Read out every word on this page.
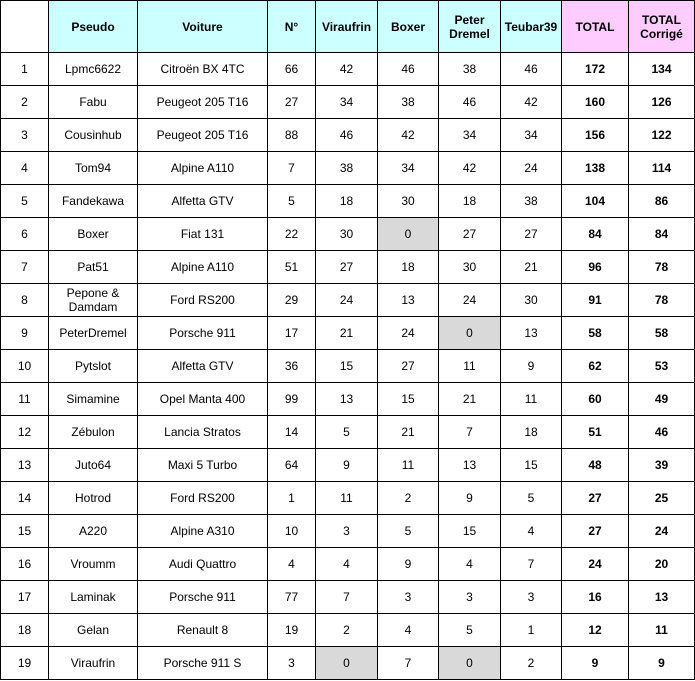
	Pseudo	Voiture	N°	Viraufrin	Boxer	Peter Dremel	Teubar39	TOTAL	TOTAL Corrigé
1	Lpmc6622	Citroën BX 4TC	66	42	46	38	46	172	134
2	Fabu	Peugeot 205 T16	27	34	38	46	42	160	126
3	Cousinhub	Peugeot 205 T16	88	46	42	34	34	156	122
4	Tom94	Alpine A110	7	38	34	42	24	138	114
5	Fandekawa	Alfetta GTV	5	18	30	18	38	104	86
6	Boxer	Fiat 131	22	30	0	27	27	84	84
7	Pat51	Alpine A110	51	27	18	30	21	96	78
8	Pepone & Damdam	Ford RS200	29	24	13	24	30	91	78
9	PeterDremel	Porsche 911	17	21	24	0	13	58	58
10	Pytslot	Alfetta GTV	36	15	27	11	9	62	53
11	Simamine	Opel Manta 400	99	13	15	21	11	60	49
12	Zébulon	Lancia Stratos	14	5	21	7	18	51	46
13	Juto64	Maxi 5 Turbo	64	9	11	13	15	48	39
14	Hotrod	Ford RS200	1	11	2	9	5	27	25
15	A220	Alpine A310	10	3	5	15	4	27	24
16	Vroumm	Audi Quattro	4	4	9	4	7	24	20
17	Laminak	Porsche 911	77	7	3	3	3	16	13
18	Gelan	Renault 8	19	2	4	5	1	12	11
19	Viraufrin	Porsche 911 S	3	0	7	0	2	9	9
